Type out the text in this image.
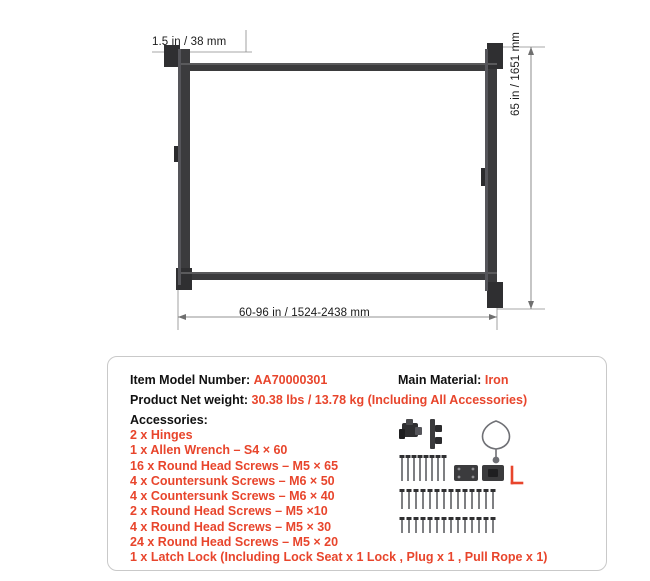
1.5 in / 38 mm
60-96 in / 1524-2438 mm
65 in / 1651 mm
Item Model Number: AA70000301	Main Material: Iron
Product Net weight: 30.38 lbs / 13.78 kg (Including All Accessories)
Accessories:
2 x Hinges
1 x Allen Wrench – S4 × 60
16 x Round Head Screws – M5 × 65
4 x Countersunk Screws – M6 × 50
4 x Countersunk Screws – M6 × 40
2 x Round Head Screws – M5 ×10
4 x Round Head Screws – M5 × 30
24 x Round Head Screws – M5 × 20
1 x Latch Lock (Including Lock Seat x 1 Lock , Plug x 1 , Pull Rope x 1)
